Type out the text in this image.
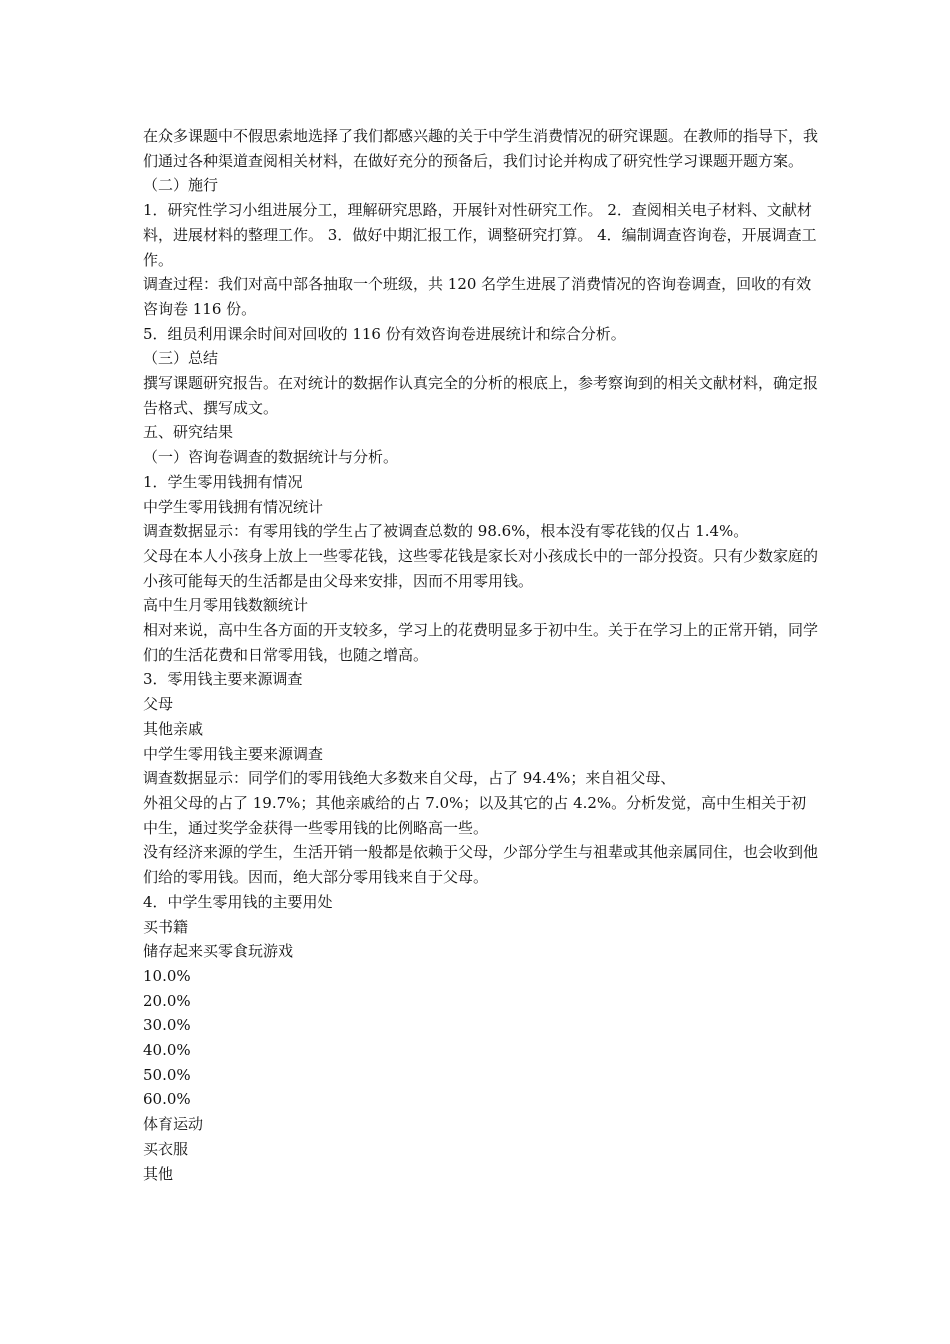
在众多课题中不假思索地选择了我们都感兴趣的关于中学生消费情况的研究课题。在教师的指导下，我们通过各种渠道查阅相关材料，在做好充分的预备后，我们讨论并构成了研究性学习课题开题方案。

（二）施行

1．研究性学习小组进展分工，理解研究思路，开展针对性研究工作。 2．查阅相关电子材料、文献材料，进展材料的整理工作。 3．做好中期汇报工作，调整研究打算。 4．编制调查咨询卷，开展调查工作。

调查过程：我们对高中部各抽取一个班级，共 120 名学生进展了消费情况的咨询卷调查，回收的有效咨询卷 116 份。

5．组员利用课余时间对回收的 116 份有效咨询卷进展统计和综合分析。

（三）总结

撰写课题研究报告。在对统计的数据作认真完全的分析的根底上，参考察询到的相关文献材料，确定报告格式、撰写成文。

五、研究结果

（一）咨询卷调查的数据统计与分析。

1．学生零用钱拥有情况

中学生零用钱拥有情况统计

调查数据显示：有零用钱的学生占了被调查总数的 98.6%，根本没有零花钱的仅占 1.4%。

父母在本人小孩身上放上一些零花钱，这些零花钱是家长对小孩成长中的一部分投资。只有少数家庭的小孩可能每天的生活都是由父母来安排，因而不用零用钱。

高中生月零用钱数额统计

相对来说，高中生各方面的开支较多，学习上的花费明显多于初中生。关于在学习上的正常开销，同学们的生活花费和日常零用钱，也随之增高。

3．零用钱主要来源调查

父母

其他亲戚

中学生零用钱主要来源调查

调查数据显示：同学们的零用钱绝大多数来自父母，占了 94.4%；来自祖父母、

外祖父母的占了 19.7%；其他亲戚给的占 7.0%；以及其它的占 4.2%。分析发觉，高中生相关于初中生，通过奖学金获得一些零用钱的比例略高一些。

没有经济来源的学生，生活开销一般都是依赖于父母，少部分学生与祖辈或其他亲属同住，也会收到他们给的零用钱。因而，绝大部分零用钱来自于父母。

4．中学生零用钱的主要用处

买书籍

储存起来买零食玩游戏

10.0%

20.0%

30.0%

40.0%

50.0%

60.0%

体育运动

买衣服

其他
